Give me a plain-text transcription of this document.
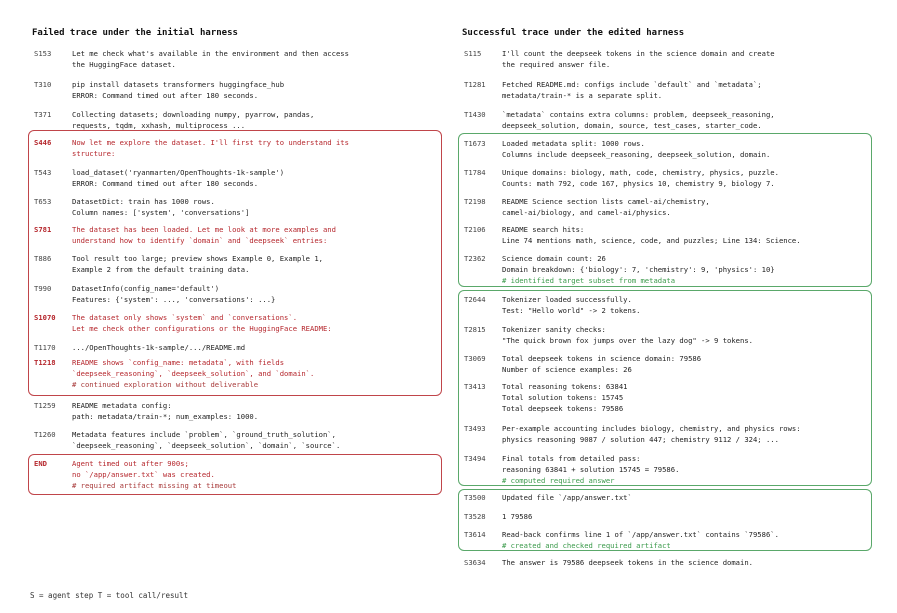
Failed trace under the initial harness
S153	Let me check what's available in the environment and then access
the HuggingFace dataset.
T310	pip install datasets transformers huggingface_hub
ERROR: Command timed out after 180 seconds.
T371	Collecting datasets; downloading numpy, pyarrow, pandas,
requests, tqdm, xxhash, multiprocess ...
S446	Now let me explore the dataset. I'll first try to understand its
structure:
T543	load_dataset('ryanmarten/OpenThoughts-1k-sample')
ERROR: Command timed out after 180 seconds.
T653	DatasetDict: train has 1000 rows.
Column names: ['system', 'conversations']
S781	The dataset has been loaded. Let me look at more examples and
understand how to identify `domain` and `deepseek` entries:
T886	Tool result too large; preview shows Example 0, Example 1,
Example 2 from the default training data.
T990	DatasetInfo(config_name='default')
Features: {'system': ..., 'conversations': ...}
S1070	The dataset only shows `system` and `conversations`.
Let me check other configurations or the HuggingFace README:
T1170	.../OpenThoughts-1k-sample/.../README.md
T1218	README shows `config_name: metadata`, with fields
`deepseek_reasoning`, `deepseek_solution`, and `domain`.
# continued exploration without deliverable
T1259	README metadata config:
path: metadata/train-*; num_examples: 1000.
T1260	Metadata features include `problem`, `ground_truth_solution`,
`deepseek_reasoning`, `deepseek_solution`, `domain`, `source`.
END	Agent timed out after 900s;
no `/app/answer.txt` was created.
# required artifact missing at timeout
Successful trace under the edited harness
S115	I'll count the deepseek tokens in the science domain and create
the required answer file.
T1281	Fetched README.md: configs include `default` and `metadata`;
metadata/train-* is a separate split.
T1430	`metadata` contains extra columns: problem, deepseek_reasoning,
deepseek_solution, domain, source, test_cases, starter_code.
T1673	Loaded metadata split: 1000 rows.
Columns include deepseek_reasoning, deepseek_solution, domain.
T1784	Unique domains: biology, math, code, chemistry, physics, puzzle.
Counts: math 792, code 167, physics 10, chemistry 9, biology 7.
T2198	README Science section lists camel-ai/chemistry,
camel-ai/biology, and camel-ai/physics.
T2106	README search hits:
Line 74 mentions math, science, code, and puzzles; Line 134: Science.
T2362	Science domain count: 26
Domain breakdown: {'biology': 7, 'chemistry': 9, 'physics': 10}
# identified target subset from metadata
T2644	Tokenizer loaded successfully.
Test: "Hello world" -> 2 tokens.
T2815	Tokenizer sanity checks:
"The quick brown fox jumps over the lazy dog" -> 9 tokens.
T3069	Total deepseek tokens in science domain: 79586
Number of science examples: 26
T3413	Total reasoning tokens: 63841
Total solution tokens: 15745
Total deepseek tokens: 79586
T3493	Per-example accounting includes biology, chemistry, and physics rows:
physics reasoning 9087 / solution 447; chemistry 9112 / 324; ...
T3494	Final totals from detailed pass:
reasoning 63841 + solution 15745 = 79586.
# computed required answer
T3500	Updated file `/app/answer.txt`
T3528	1 79586
T3614	Read-back confirms line 1 of `/app/answer.txt` contains `79586`.
# created and checked required artifact
S3634	The answer is 79586 deepseek tokens in the science domain.
S = agent step T = tool call/result
